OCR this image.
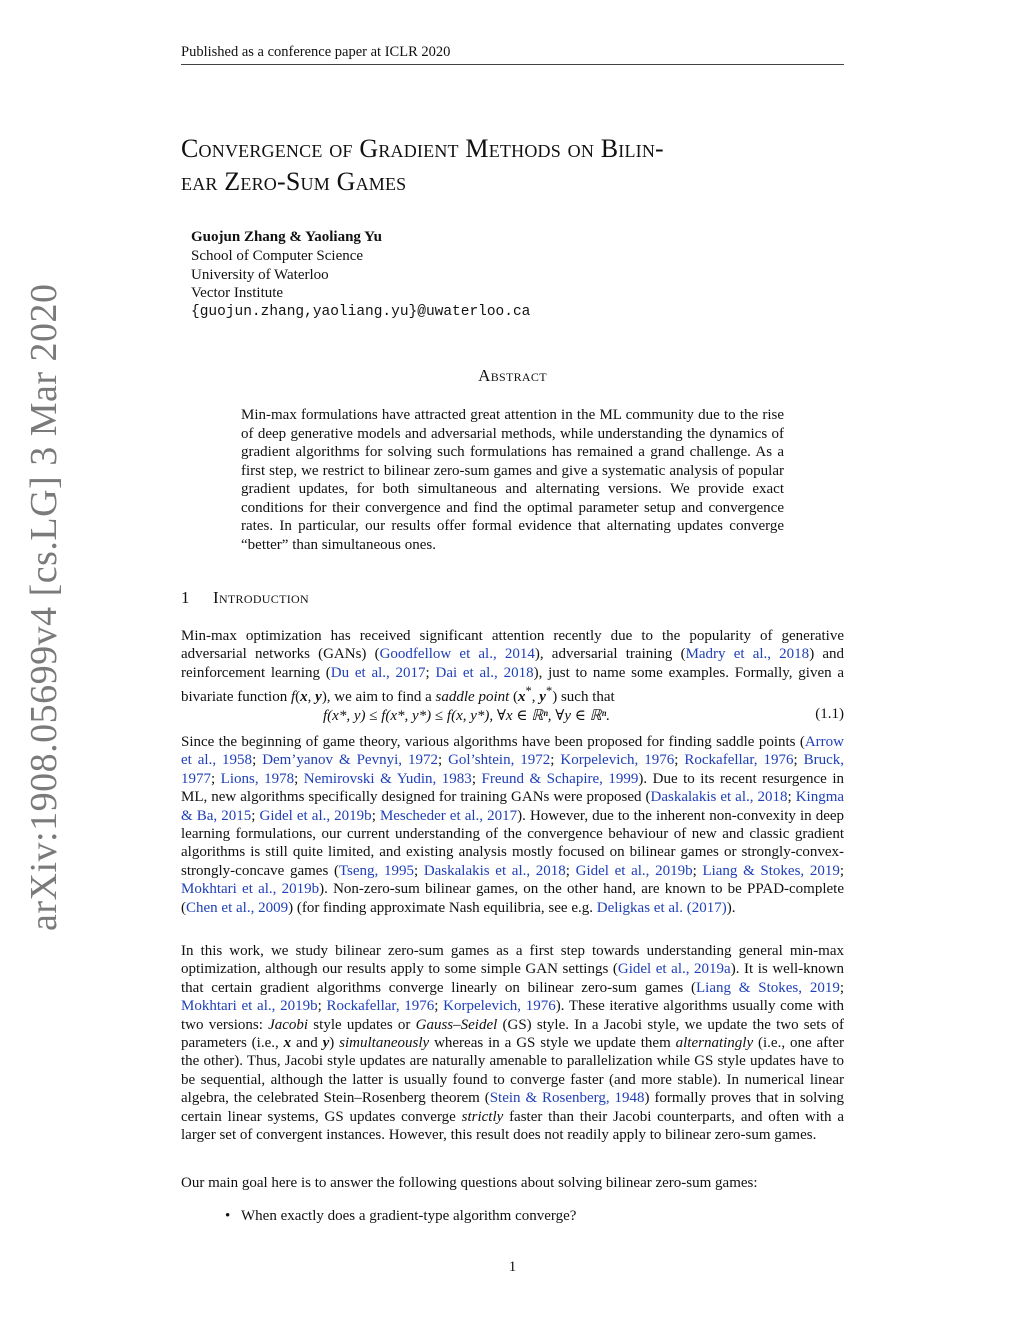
arXiv:1908.05699v4 [cs.LG] 3 Mar 2020
Published as a conference paper at ICLR 2020
Convergence of Gradient Methods on Bilin-
ear Zero-Sum Games
Guojun Zhang & Yaoliang Yu
School of Computer Science
University of Waterloo
Vector Institute
{guojun.zhang,yaoliang.yu}@uwaterloo.ca
Abstract
Min-max formulations have attracted great attention in the ML community due to the rise of deep generative models and adversarial methods, while understanding the dynamics of gradient algorithms for solving such formulations has remained a grand challenge. As a first step, we restrict to bilinear zero-sum games and give a systematic analysis of popular gradient updates, for both simultaneous and alternating versions. We provide exact conditions for their convergence and find the optimal parameter setup and convergence rates. In particular, our results offer formal evidence that alternating updates converge “better” than simultaneous ones.
1 Introduction

Min-max optimization has received significant attention recently due to the popularity of generative adversarial networks (GANs) (Goodfellow et al., 2014), adversarial training (Madry et al., 2018) and reinforcement learning (Du et al., 2017; Dai et al., 2018), just to name some examples. Formally, given a bivariate function f(x, y), we aim to find a saddle point (x*, y*) such that

f(x*, y) ≤ f(x*, y*) ≤ f(x, y*), ∀x ∈ ℝⁿ, ∀y ∈ ℝⁿ.	(1.1)

Since the beginning of game theory, various algorithms have been proposed for finding saddle points (Arrow et al., 1958; Dem’yanov & Pevnyi, 1972; Gol’shtein, 1972; Korpelevich, 1976; Rockafellar, 1976; Bruck, 1977; Lions, 1978; Nemirovski & Yudin, 1983; Freund & Schapire, 1999). Due to its recent resurgence in ML, new algorithms specifically designed for training GANs were proposed (Daskalakis et al., 2018; Kingma & Ba, 2015; Gidel et al., 2019b; Mescheder et al., 2017). However, due to the inherent non-convexity in deep learning formulations, our current understanding of the convergence behaviour of new and classic gradient algorithms is still quite limited, and existing analysis mostly focused on bilinear games or strongly-convex-strongly-concave games (Tseng, 1995; Daskalakis et al., 2018; Gidel et al., 2019b; Liang & Stokes, 2019; Mokhtari et al., 2019b). Non-zero-sum bilinear games, on the other hand, are known to be PPAD-complete (Chen et al., 2009) (for finding approximate Nash equilibria, see e.g. Deligkas et al. (2017)).

In this work, we study bilinear zero-sum games as a first step towards understanding general min-max optimization, although our results apply to some simple GAN settings (Gidel et al., 2019a). It is well-known that certain gradient algorithms converge linearly on bilinear zero-sum games (Liang & Stokes, 2019; Mokhtari et al., 2019b; Rockafellar, 1976; Korpelevich, 1976). These iterative algorithms usually come with two versions: Jacobi style updates or Gauss–Seidel (GS) style. In a Jacobi style, we update the two sets of parameters (i.e., x and y) simultaneously whereas in a GS style we update them alternatingly (i.e., one after the other). Thus, Jacobi style updates are naturally amenable to parallelization while GS style updates have to be sequential, although the latter is usually found to converge faster (and more stable). In numerical linear algebra, the celebrated Stein–Rosenberg theorem (Stein & Rosenberg, 1948) formally proves that in solving certain linear systems, GS updates converge strictly faster than their Jacobi counterparts, and often with a larger set of convergent instances. However, this result does not readily apply to bilinear zero-sum games.

Our main goal here is to answer the following questions about solving bilinear zero-sum games:

• When exactly does a gradient-type algorithm converge?
1
